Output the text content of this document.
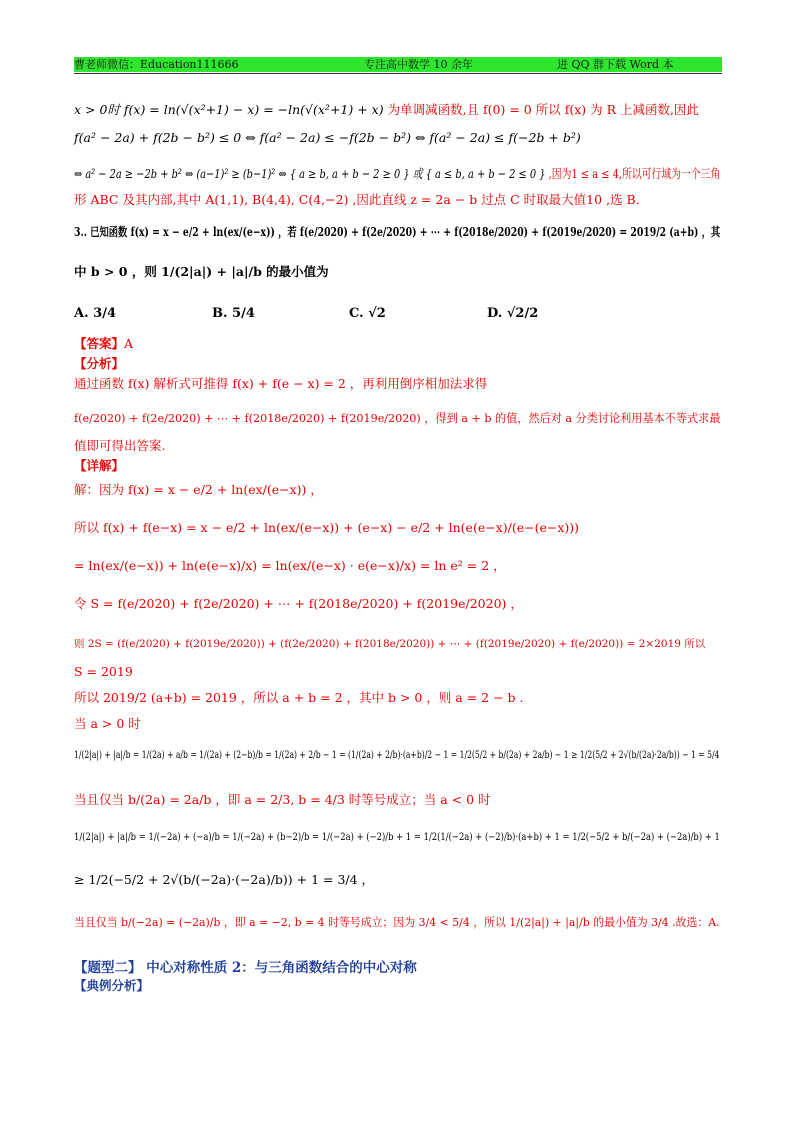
曹老师微信：Education111666	专注高中数学 10 余年	进 QQ 群下载 Word 本
x > 0时 f(x) = ln(√(x²+1) − x) = −ln(√(x²+1) + x) 为单调减函数,且 f(0) = 0 所以 f(x) 为 R 上减函数,因此
f(a² − 2a) + f(2b − b²) ≤ 0 ⇔ f(a² − 2a) ≤ −f(2b − b²) ⇔ f(a² − 2a) ≤ f(−2b + b²)
⇔ a² − 2a ≥ −2b + b² ⇔ (a−1)² ≥ (b−1)² ⇔ { a ≥ b, a + b − 2 ≥ 0 } 或 { a ≤ b, a + b − 2 ≤ 0 } ,因为1 ≤ a ≤ 4,所以可行域为一个三角
形 ABC 及其内部,其中 A(1,1), B(4,4), C(4,−2) ,因此直线 z = 2a − b 过点 C 时取最大值10 ,选 B.
3.. 已知函数 f(x) = x − e/2 + ln(ex/(e−x)) ，若 f(e/2020) + f(2e/2020) + ⋯ + f(2018e/2020) + f(2019e/2020) = 2019/2 (a+b) ，其
中 b > 0 ，则 1/(2|a|) + |a|/b 的最小值为
A. 3/4	B. 5/4	C. √2	D. √2/2
【答案】A
【分析】
通过函数 f(x) 解析式可推得 f(x) + f(e − x) = 2 ，再利用倒序相加法求得
f(e/2020) + f(2e/2020) + ⋯ + f(2018e/2020) + f(2019e/2020) ，得到 a + b 的值，然后对 a 分类讨论利用基本不等式求最
值即可得出答案.
【详解】
解：因为 f(x) = x − e/2 + ln(ex/(e−x)) ，
所以 f(x) + f(e−x) = x − e/2 + ln(ex/(e−x)) + (e−x) − e/2 + ln(e(e−x)/(e−(e−x)))
= ln(ex/(e−x)) + ln(e(e−x)/x) = ln(ex/(e−x) · e(e−x)/x) = ln e² = 2 ，
令 S = f(e/2020) + f(2e/2020) + ⋯ + f(2018e/2020) + f(2019e/2020) ，
则 2S = (f(e/2020) + f(2019e/2020)) + (f(2e/2020) + f(2018e/2020)) + ⋯ + (f(2019e/2020) + f(e/2020)) = 2×2019 所以
S = 2019
所以 2019/2 (a+b) = 2019 ，所以 a + b = 2 ，其中 b > 0 ，则 a = 2 − b .
当 a > 0 时
1/(2|a|) + |a|/b = 1/(2a) + a/b = 1/(2a) + (2−b)/b = 1/(2a) + 2/b − 1 = (1/(2a) + 2/b)·(a+b)/2 − 1 = 1/2(5/2 + b/(2a) + 2a/b) − 1 ≥ 1/2(5/2 + 2√(b/(2a)·2a/b)) − 1 = 5/4
当且仅当 b/(2a) = 2a/b ，即 a = 2/3, b = 4/3 时等号成立；当 a < 0 时
1/(2|a|) + |a|/b = 1/(−2a) + (−a)/b = 1/(−2a) + (b−2)/b = 1/(−2a) + (−2)/b + 1 = 1/2(1/(−2a) + (−2)/b)·(a+b) + 1 = 1/2(−5/2 + b/(−2a) + (−2a)/b) + 1
≥ 1/2(−5/2 + 2√(b/(−2a)·(−2a)/b)) + 1 = 3/4 ，
当且仅当 b/(−2a) = (−2a)/b ，即 a = −2, b = 4 时等号成立；因为 3/4 < 5/4 ，所以 1/(2|a|) + |a|/b 的最小值为 3/4 .故选：A.
【题型二】 中心对称性质 2：与三角函数结合的中心对称
【典例分析】
